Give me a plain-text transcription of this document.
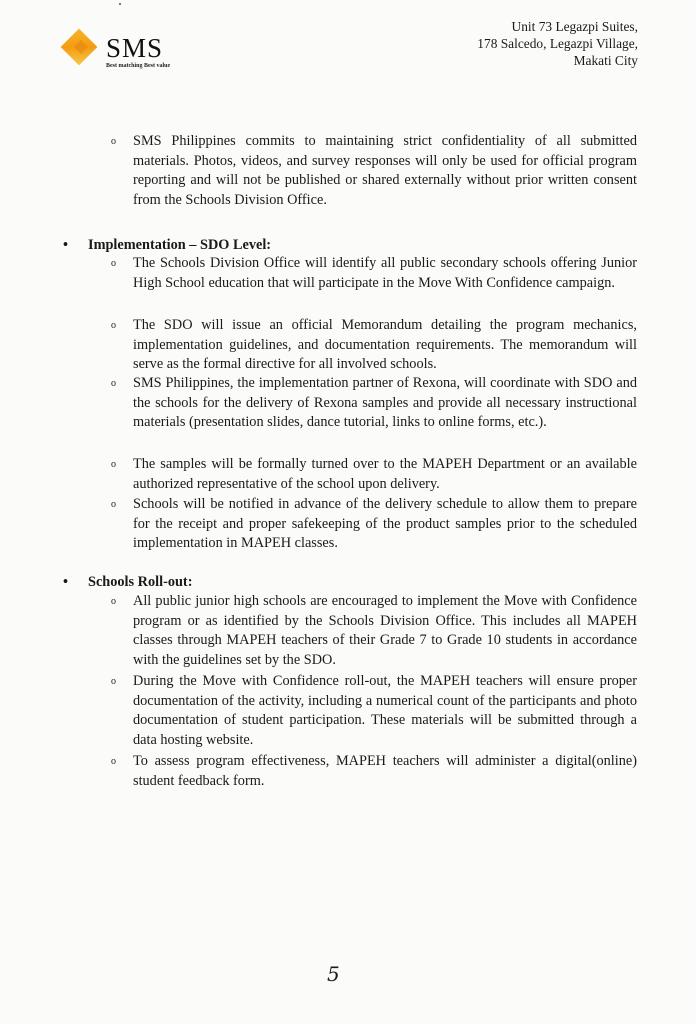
SMS
Best matching Best value
Unit 73 Legazpi Suites,
178 Salcedo, Legazpi Village,
Makati City
o SMS Philippines commits to maintaining strict confidentiality of all submitted materials. Photos, videos, and survey responses will only be used for official program reporting and will not be published or shared externally without prior written consent from the Schools Division Office.
• Implementation – SDO Level:
o The Schools Division Office will identify all public secondary schools offering Junior High School education that will participate in the Move With Confidence campaign.
o The SDO will issue an official Memorandum detailing the program mechanics, implementation guidelines, and documentation requirements. The memorandum will serve as the formal directive for all involved schools.
o SMS Philippines, the implementation partner of Rexona, will coordinate with SDO and the schools for the delivery of Rexona samples and provide all necessary instructional materials (presentation slides, dance tutorial, links to online forms, etc.).
o The samples will be formally turned over to the MAPEH Department or an available authorized representative of the school upon delivery.
o Schools will be notified in advance of the delivery schedule to allow them to prepare for the receipt and proper safekeeping of the product samples prior to the scheduled implementation in MAPEH classes.
• Schools Roll-out:
o All public junior high schools are encouraged to implement the Move with Confidence program or as identified by the Schools Division Office. This includes all MAPEH classes through MAPEH teachers of their Grade 7 to Grade 10 students in accordance with the guidelines set by the SDO.
o During the Move with Confidence roll-out, the MAPEH teachers will ensure proper documentation of the activity, including a numerical count of the participants and photo documentation of student participation. These materials will be submitted through a data hosting website.
o To assess program effectiveness, MAPEH teachers will administer a digital(online) student feedback form.
5
